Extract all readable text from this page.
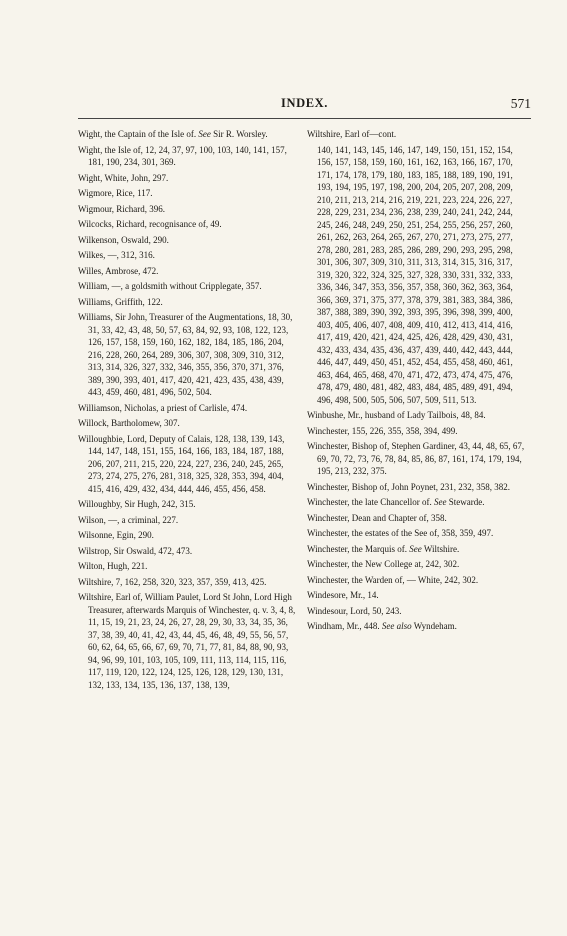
INDEX.	571
Wight, the Captain of the Isle of. See Sir R. Worsley.
Wight, the Isle of, 12, 24, 37, 97, 100, 103, 140, 141, 157, 181, 190, 234, 301, 369.
Wight, White, John, 297.
Wigmore, Rice, 117.
Wigmour, Richard, 396.
Wilcocks, Richard, recognisance of, 49.
Wilkenson, Oswald, 290.
Wilkes, —, 312, 316.
Willes, Ambrose, 472.
William, —, a goldsmith without Cripplegate, 357.
Williams, Griffith, 122.
Williams, Sir John, Treasurer of the Augmentations, 18, 30, 31, 33, 42, 43, 48, 50, 57, 63, 84, 92, 93, 108, 122, 123, 126, 157, 158, 159, 160, 162, 182, 184, 185, 186, 204, 216, 228, 260, 264, 289, 306, 307, 308, 309, 310, 312, 313, 314, 326, 327, 332, 346, 355, 356, 370, 371, 376, 389, 390, 393, 401, 417, 420, 421, 423, 435, 438, 439, 443, 459, 460, 481, 496, 502, 504.
Williamson, Nicholas, a priest of Carlisle, 474.
Willock, Bartholomew, 307.
Willoughbie, Lord, Deputy of Calais, 128, 138, 139, 143, 144, 147, 148, 151, 155, 164, 166, 183, 184, 187, 188, 206, 207, 211, 215, 220, 224, 227, 236, 240, 245, 265, 273, 274, 275, 276, 281, 318, 325, 328, 353, 394, 404, 415, 416, 429, 432, 434, 444, 446, 455, 456, 458.
Willoughby, Sir Hugh, 242, 315.
Wilson, —, a criminal, 227.
Wilsonne, Egin, 290.
Wilstrop, Sir Oswald, 472, 473.
Wilton, Hugh, 221.
Wiltshire, 7, 162, 258, 320, 323, 357, 359, 413, 425.
Wiltshire, Earl of, William Paulet, Lord St John, Lord High Treasurer, afterwards Marquis of Winchester, q. v. 3, 4, 8, 11, 15, 19, 21, 23, 24, 26, 27, 28, 29, 30, 33, 34, 35, 36, 37, 38, 39, 40, 41, 42, 43, 44, 45, 46, 48, 49, 55, 56, 57, 60, 62, 64, 65, 66, 67, 69, 70, 71, 77, 81, 84, 88, 90, 93, 94, 96, 99, 101, 103, 105, 109, 111, 113, 114, 115, 116, 117, 119, 120, 122, 124, 125, 126, 128, 129, 130, 131, 132, 133, 134, 135, 136, 137, 138, 139,
Wiltshire, Earl of—cont.
140, 141, 143, 145, 146, 147, 149, 150, 151, 152, 154, 156, 157, 158, 159, 160, 161, 162, 163, 166, 167, 170, 171, 174, 178, 179, 180, 183, 185, 188, 189, 190, 191, 193, 194, 195, 197, 198, 200, 204, 205, 207, 208, 209, 210, 211, 213, 214, 216, 219, 221, 223, 224, 226, 227, 228, 229, 231, 234, 236, 238, 239, 240, 241, 242, 244, 245, 246, 248, 249, 250, 251, 254, 255, 256, 257, 260, 261, 262, 263, 264, 265, 267, 270, 271, 273, 275, 277, 278, 280, 281, 283, 285, 286, 289, 290, 293, 295, 298, 301, 306, 307, 309, 310, 311, 313, 314, 315, 316, 317, 319, 320, 322, 324, 325, 327, 328, 330, 331, 332, 333, 336, 346, 347, 353, 356, 357, 358, 360, 362, 363, 364, 366, 369, 371, 375, 377, 378, 379, 381, 383, 384, 386, 387, 388, 389, 390, 392, 393, 395, 396, 398, 399, 400, 403, 405, 406, 407, 408, 409, 410, 412, 413, 414, 416, 417, 419, 420, 421, 424, 425, 426, 428, 429, 430, 431, 432, 433, 434, 435, 436, 437, 439, 440, 442, 443, 444, 446, 447, 449, 450, 451, 452, 454, 455, 458, 460, 461, 463, 464, 465, 468, 470, 471, 472, 473, 474, 475, 476, 478, 479, 480, 481, 482, 483, 484, 485, 489, 491, 494, 496, 498, 500, 505, 506, 507, 509, 511, 513.
Winbushe, Mr., husband of Lady Tailbois, 48, 84.
Winchester, 155, 226, 355, 358, 394, 499.
Winchester, Bishop of, Stephen Gardiner, 43, 44, 48, 65, 67, 69, 70, 72, 73, 76, 78, 84, 85, 86, 87, 161, 174, 179, 194, 195, 213, 232, 375.
Winchester, Bishop of, John Poynet, 231, 232, 358, 382.
Winchester, the late Chancellor of. See Stewarde.
Winchester, Dean and Chapter of, 358.
Winchester, the estates of the See of, 358, 359, 497.
Winchester, the Marquis of. See Wiltshire.
Winchester, the New College at, 242, 302.
Winchester, the Warden of, — White, 242, 302.
Windesore, Mr., 14.
Windesour, Lord, 50, 243.
Windham, Mr., 448. See also Wyndeham.
